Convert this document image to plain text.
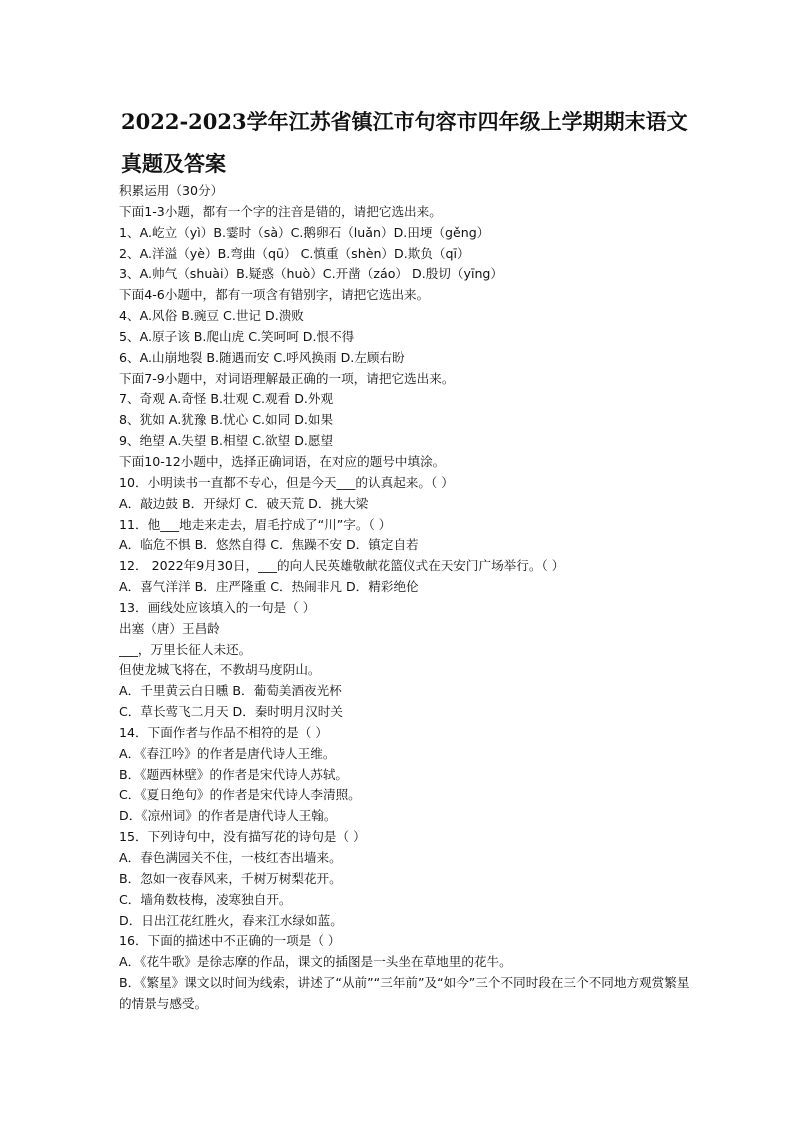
2022-2023学年江苏省镇江市句容市四年级上学期期末语文真题及答案
积累运用（30分）
下面1-3小题，都有一个字的注音是错的，请把它选出来。
1、A.屹立（yì）B.霎时（sà）C.鹅卵石（luǎn）D.田埂（gěng）
2、A.洋溢（yè）B.弯曲（qū） C.慎重（shèn）D.欺负（qī）
3、A.帅气（shuài）B.疑惑（huò）C.开凿（záo） D.殷切（yīng）
下面4-6小题中，都有一项含有错别字，请把它选出来。
4、A.风俗 B.豌豆 C.世记 D.溃败
5、A.原子该 B.爬山虎 C.笑呵呵 D.恨不得
6、A.山崩地裂 B.随遇而安 C.呼风换雨 D.左顾右盼
下面7-9小题中，对词语理解最正确的一项，请把它选出来。
7、奇观 A.奇怪 B.壮观 C.观看 D.外观
8、犹如 A.犹豫 B.忧心 C.如同 D.如果
9、绝望 A.失望 B.相望 C.欲望 D.愿望
下面10-12小题中，选择正确词语，在对应的题号中填涂。
10．小明读书一直都不专心，但是今天___的认真起来。（ ）
A．敲边鼓 B．开绿灯 C．破天荒 D．挑大梁
11．他___地走来走去，眉毛拧成了“川”字。（ ）
A．临危不惧 B．悠然自得 C．焦躁不安 D．镇定自若
12． 2022年9月30日，___的向人民英雄敬献花篮仪式在天安门广场举行。（ ）
A．喜气洋洋 B．庄严隆重 C．热闹非凡 D．精彩绝伦
13．画线处应该填入的一句是（ ）
出塞（唐）王昌龄
___，万里长征人未还。
但使龙城飞将在，不教胡马度阴山。
A．千里黄云白日曛 B．葡萄美酒夜光杯
C．草长莺飞二月天 D．秦时明月汉时关
14．下面作者与作品不相符的是（ ）
A．《春江吟》的作者是唐代诗人王维。
B．《题西林壁》的作者是宋代诗人苏轼。
C．《夏日绝句》的作者是宋代诗人李清照。
D．《凉州词》的作者是唐代诗人王翰。
15．下列诗句中，没有描写花的诗句是（ ）
A．春色满园关不住，一枝红杏出墙来。
B．忽如一夜春风来，千树万树梨花开。
C．墙角数枝梅，凌寒独自开。
D．日出江花红胜火，春来江水绿如蓝。
16．下面的描述中不正确的一项是（ ）
A．《花牛歌》是徐志摩的作品，课文的插图是一头坐在草地里的花牛。
B．《繁星》课文以时间为线索，讲述了“从前”“三年前”及“如今”三个不同时段在三个不同地方观赏繁星的情景与感受。
